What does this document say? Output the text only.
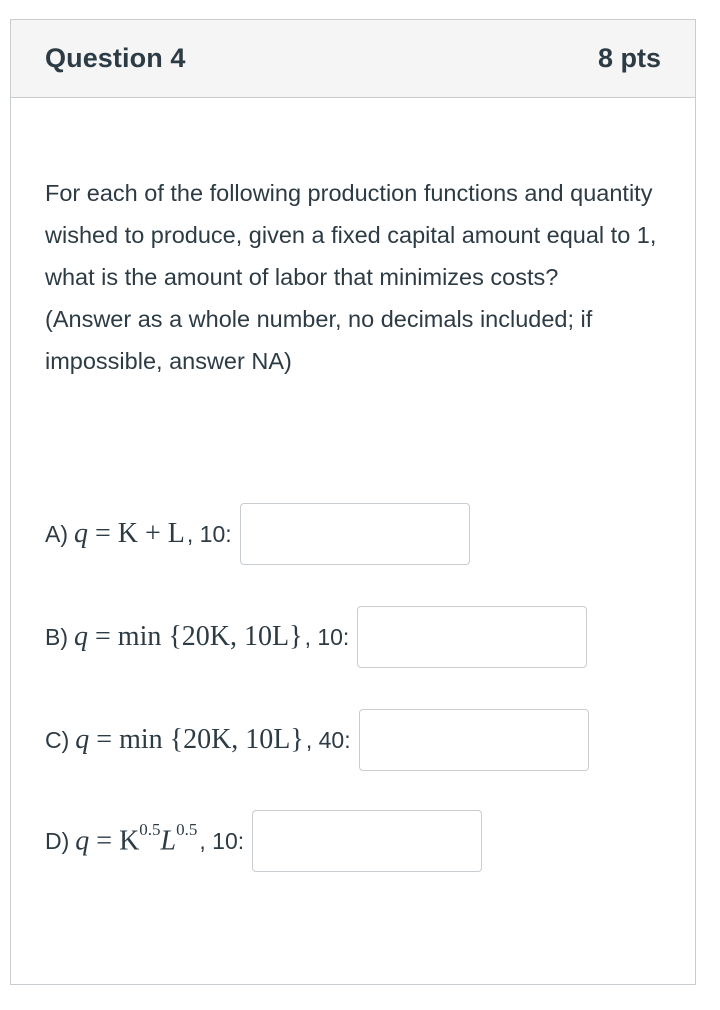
Question 4	8 pts

For each of the following production functions and quantity wished to produce, given a fixed capital amount equal to 1, what is the amount of labor that minimizes costs?

(Answer as a whole number, no decimals included; if impossible, answer NA)

A) q = K + L , 10:
B) q = min {20K, 10L} , 10:
C) q = min {20K, 10L} , 40:
D) $q = K^{0.5}L^{0.5}$ , 10:
